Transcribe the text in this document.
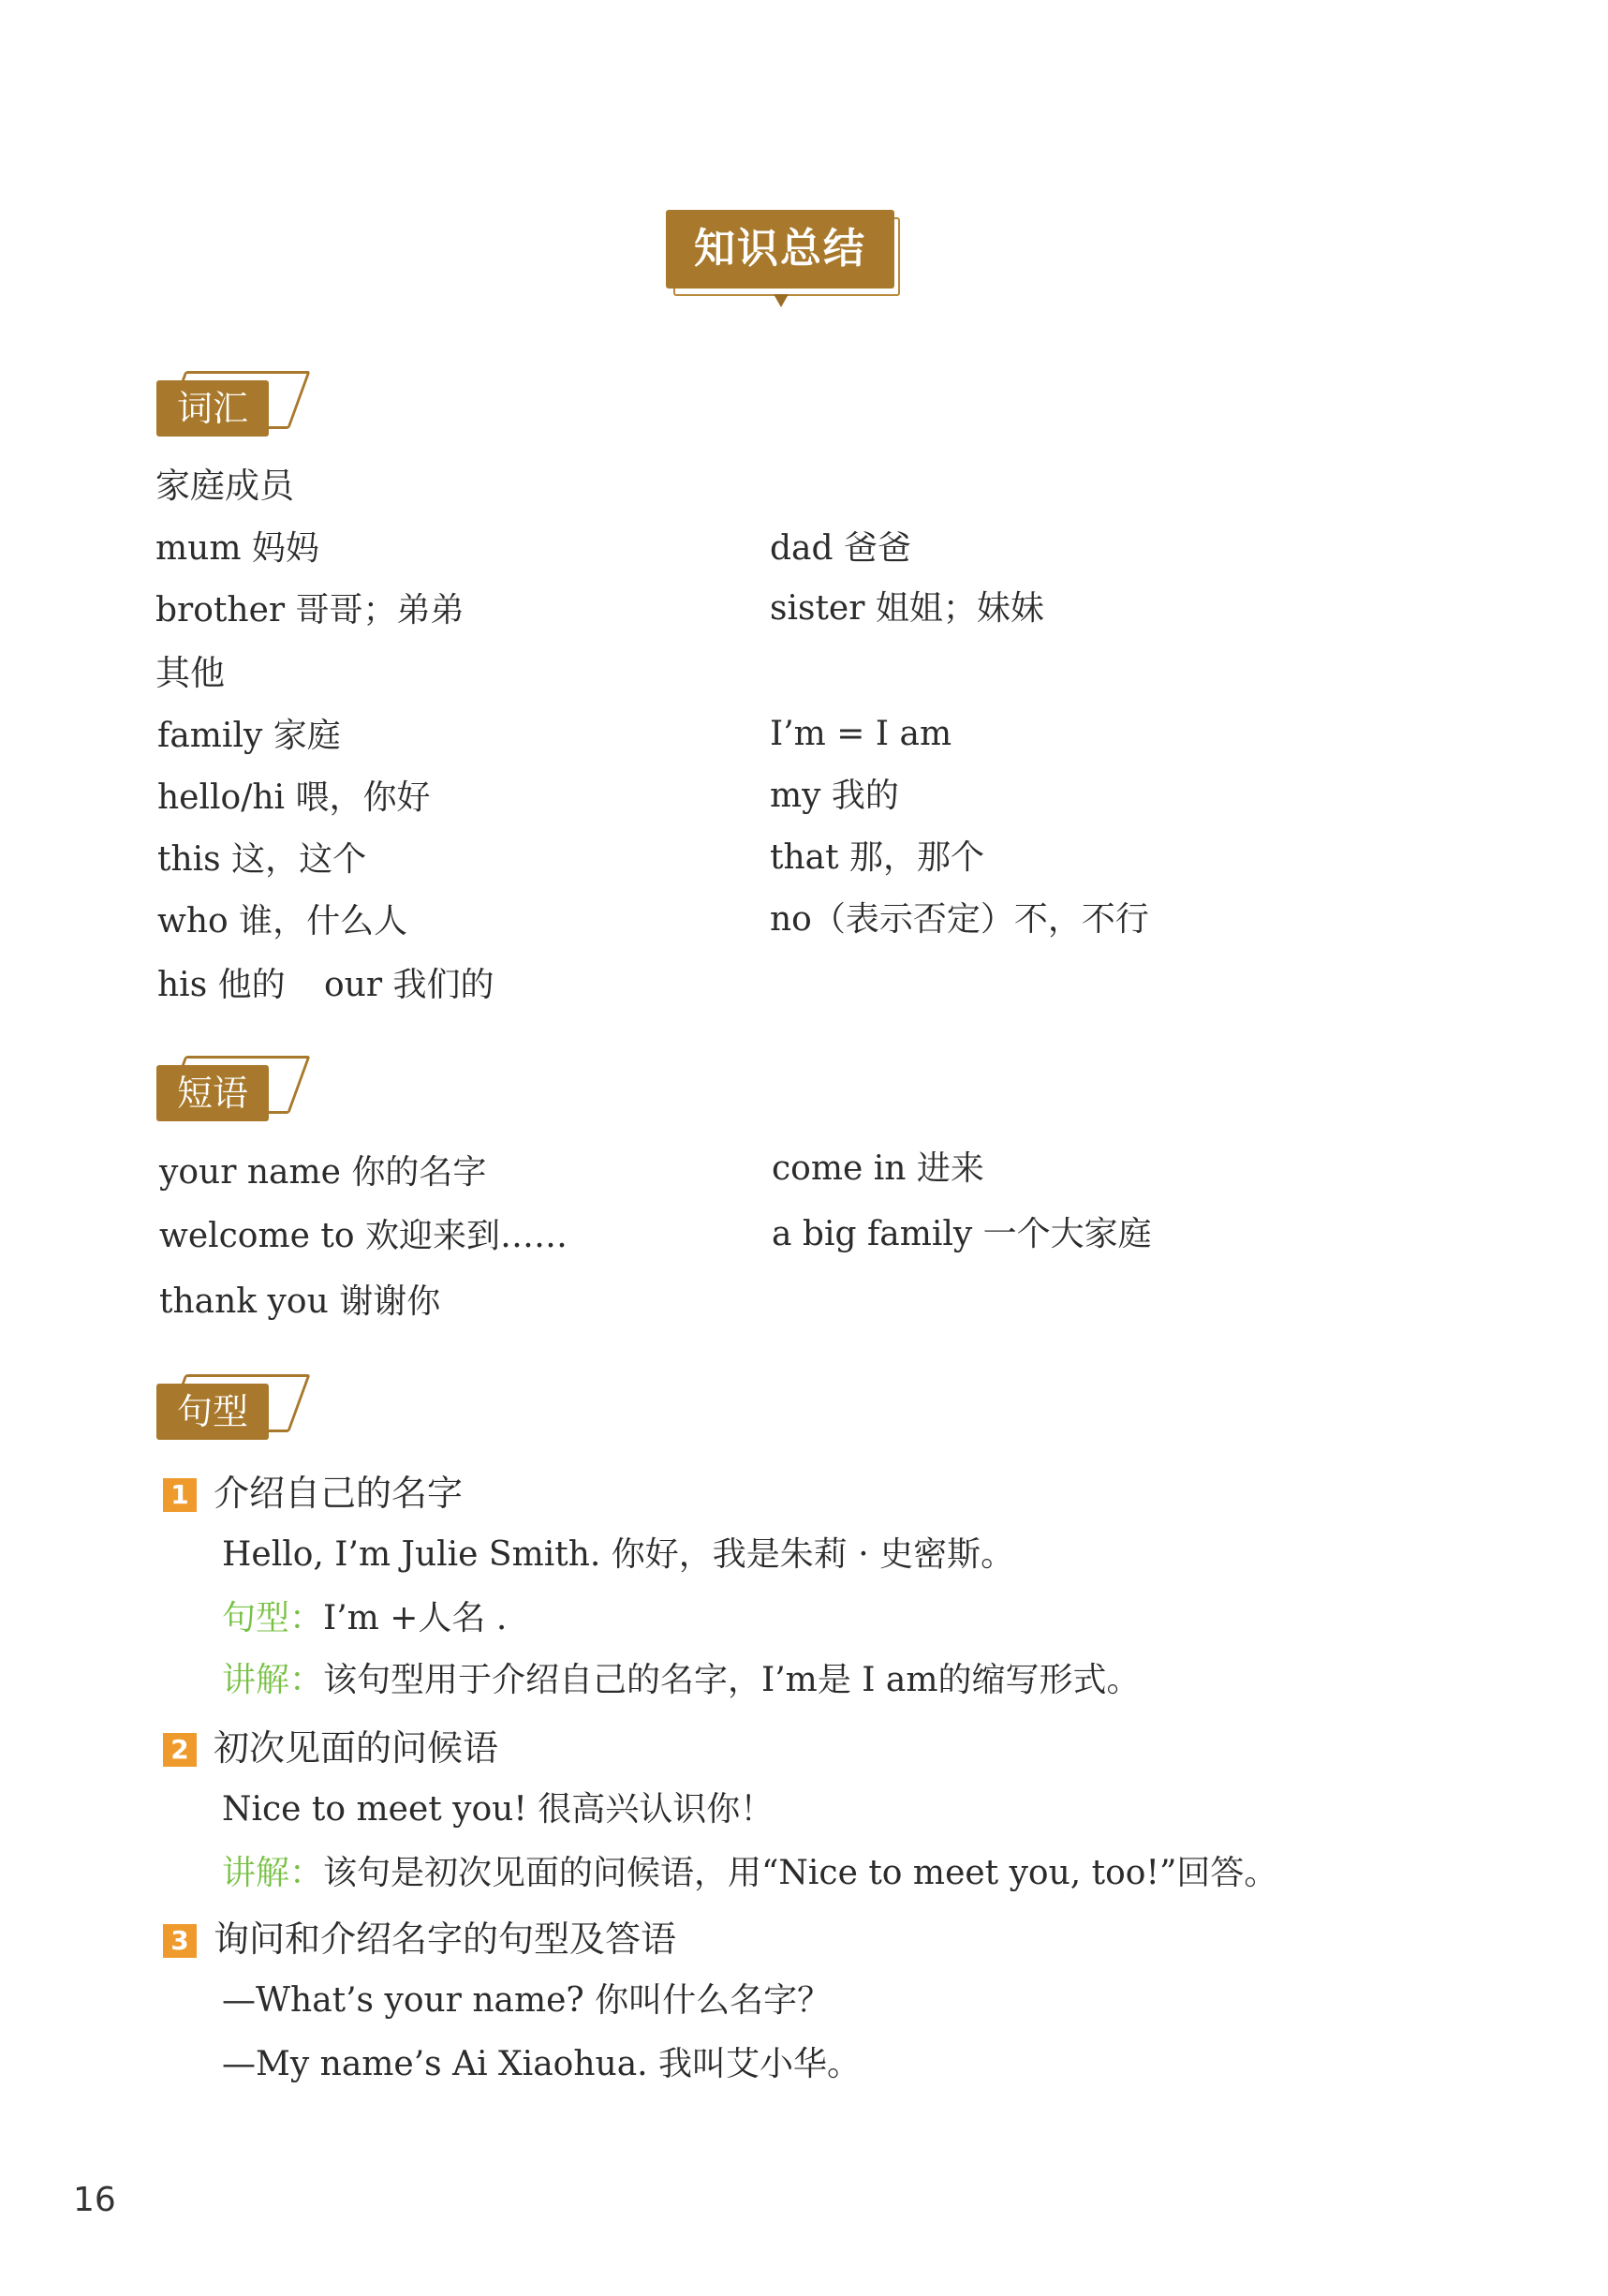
知识总结
词汇
家庭成员
mum 妈妈	dad 爸爸
brother 哥哥；弟弟	sister 姐姐；妹妹
其他
family 家庭	I’m = I am
hello/hi 喂，你好	my 我的
this 这，这个	that 那，那个
who 谁，什么人	no（表示否定）不，不行
his 他的 our 我们的
短语
your name 你的名字	come in 进来
welcome to 欢迎来到……	a big family 一个大家庭
thank you 谢谢你
句型
1 介绍自己的名字
Hello, I’m Julie Smith. 你好，我是朱莉 · 史密斯。
句型：I’m +人名 .
讲解：该句型用于介绍自己的名字，I’m是 I am的缩写形式。
2 初次见面的问候语
Nice to meet you! 很高兴认识你！
讲解：该句是初次见面的问候语，用“Nice to meet you, too!”回答。
3 询问和介绍名字的句型及答语
—What’s your name? 你叫什么名字？
—My name’s Ai Xiaohua. 我叫艾小华。
16
